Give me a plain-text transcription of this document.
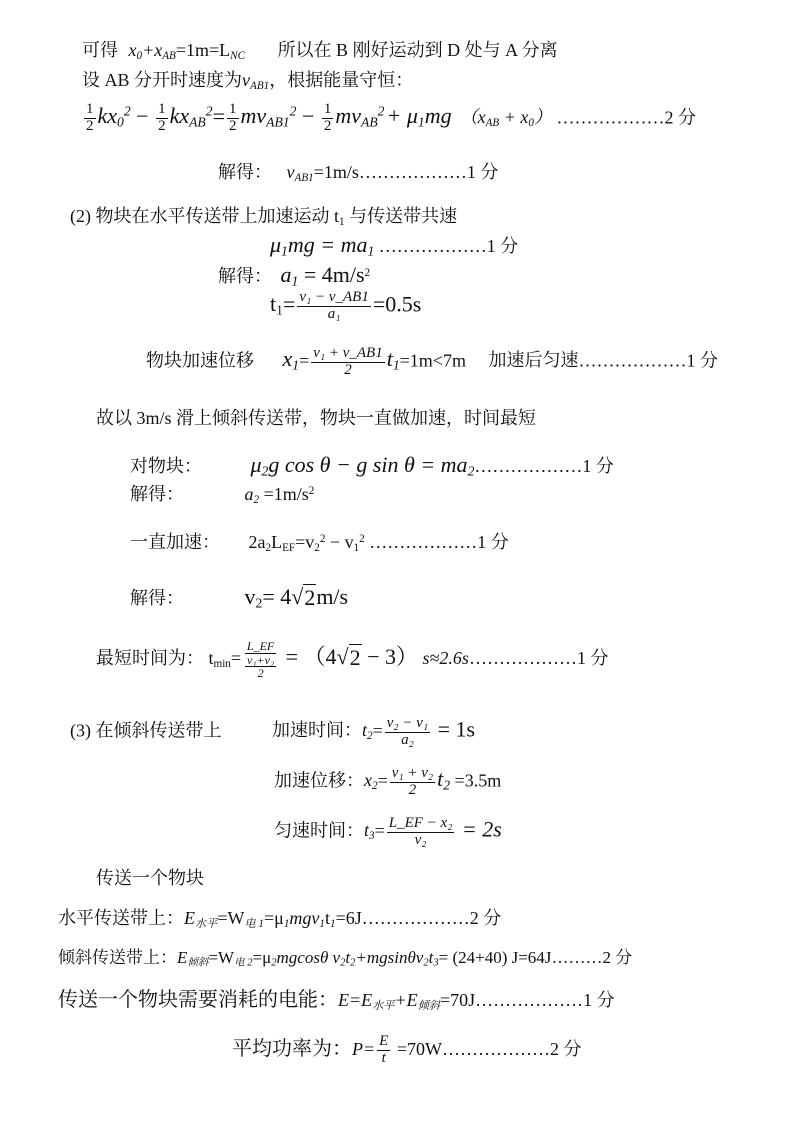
可得 $x_0+x_{AB}=1m=L_{NC}$ 所以在 B 刚好运动到 D 处与 A 分离
设 AB 分开时速度为$v_{AB1}$，根据能量守恒：
$\frac{1}{2} kx_0^2 - \frac{1}{2} kx_{AB}^2= \frac{1}{2} mv_{AB1}^2 - \frac{1}{2} mv_{AB}^2+ \mu_1mg$ $(x_{AB} + x_0)$ ………………2 分
解得： $v_{AB1}=1m/s\dots\dots\dots\dots\dots\dots 1$ 分
(2) 物块在水平传送带上加速运动 $t_1$ 与传送带共速
$\mu_1mg = ma_1$ ………………1 分
解得： $a_1 = 4m/s^2$
$t_1= \frac{\text{v₁ − v\_AB1}}{\text{a₁}} =0.5s$
物块加速位移 $x_1= \frac{\text{v₁ + v\_AB1}}{2} t_1=1m<7m$ 加速后匀速………………1 分
故以 3m/s 滑上倾斜传送带，物块一直做加速，时间最短
对物块： $\mu_2g$ cos θ − g $\sin \theta = ma_2\dots\dots\dots\dots\dots\dots 1$ 分
解得：	$a_2 =1m/s^2$
一直加速： $2a_2L_{EF}=v_2^2 - v_1^2$ ………………1 分
解得：	$v_2= 4$ √ 2 m/s
最短时间为： $t_{min}= \frac{L\_EF}{\frac{\text{v₁+v₂}}{2}} = (4$ √ 2 − 3） s≈2.6s………………1 分
(3) 在倾斜传送带上	加速时间：$t_2= \frac{\text{v₂ − v₁}}{\text{a₂}} = 1s$
加速位移：$x_2= \frac{\text{v₁ + v₂}}{2} t_2 =3.5m$
匀速时间：$t_3= \frac{\text{L\_EF − x₂}}{\text{v₂}} = 2s$
传送一个物块
水平传送带上：$E_{水平}=W_{电 1}=\mu_1mgv_1t_1=6J\dots\dots\dots\dots\dots\dots 2$ 分
倾斜传送带上：$E_{倾斜}=W_{电 2}=\mu_2mgcos\theta$ $v_2t_2+mgsin\theta v_2t_3= (24+40)$ J=64J………2 分
传送一个物块需要消耗的电能：$E=E_{水平}+E_{倾斜}=70J\dots\dots\dots\dots\dots\dots 1$ 分
平均功率为：$P= \frac{E}{t}$ =70W………………2 分
